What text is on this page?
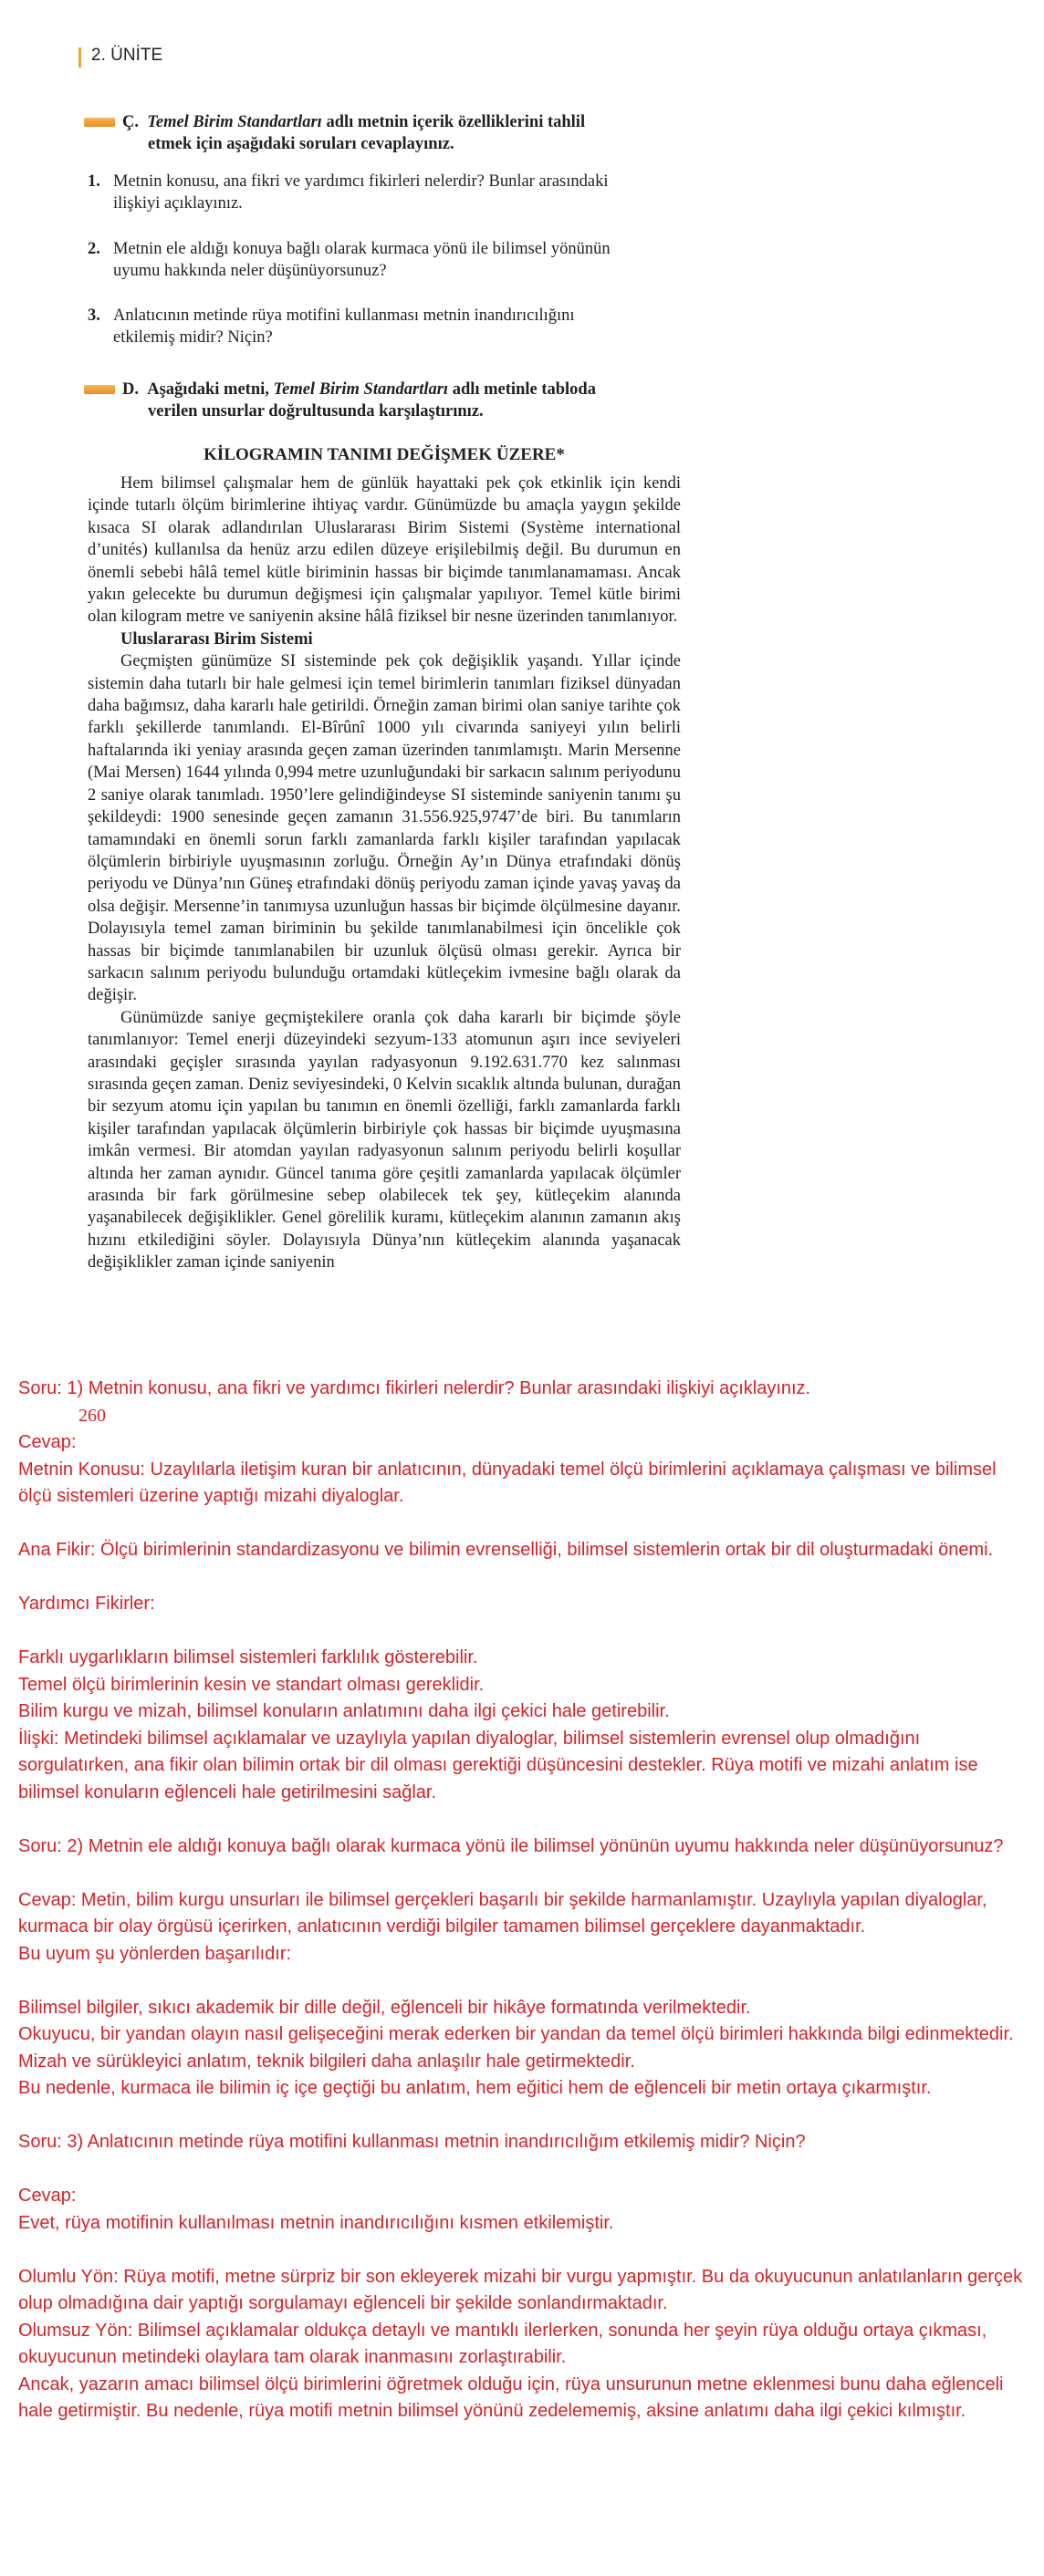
2. ÜNİTE
Ç. Temel Birim Standartları adlı metnin içerik özelliklerini tahlil
etmek için aşağıdaki soruları cevaplayınız.
1. Metnin konusu, ana fikri ve yardımcı fikirleri nelerdir? Bunlar arasındaki
ilişkiyi açıklayınız.
2. Metnin ele aldığı konuya bağlı olarak kurmaca yönü ile bilimsel yönünün
uyumu hakkında neler düşünüyorsunuz?
3. Anlatıcının metinde rüya motifini kullanması metnin inandırıcılığını
etkilemiş midir? Niçin?
D. Aşağıdaki metni, Temel Birim Standartları adlı metinle tabloda
verilen unsurlar doğrultusunda karşılaştırınız.
KİLOGRAMIN TANIMI DEĞİŞMEK ÜZERE*

Hem bilimsel çalışmalar hem de günlük hayattaki pek çok etkinlik için kendi içinde tutarlı ölçüm birimlerine ihtiyaç vardır. Günümüzde bu amaçla yaygın şekilde kısaca SI olarak adlandırılan Uluslararası Birim Sistemi (Système international d’unités) kullanılsa da henüz arzu edilen düzeye erişilebilmiş değil. Bu durumun en önemli sebebi hâlâ temel kütle biriminin hassas bir biçimde tanımlanamaması. Ancak yakın gelecekte bu durumun değişmesi için çalışmalar yapılıyor. Temel kütle birimi olan kilogram metre ve saniyenin aksine hâlâ fiziksel bir nesne üzerinden tanımlanıyor.

Uluslararası Birim Sistemi

Geçmişten günümüze SI sisteminde pek çok değişiklik yaşandı. Yıllar içinde sistemin daha tutarlı bir hale gelmesi için temel birimlerin tanımları fiziksel dünyadan daha bağımsız, daha kararlı hale getirildi. Örneğin zaman birimi olan saniye tarihte çok farklı şekillerde tanımlandı. El-Bîrûnî 1000 yılı civarında saniyeyi yılın belirli haftalarında iki yeniay arasında geçen zaman üzerinden tanımlamıştı. Marin Mersenne (Mai Mersen) 1644 yılında 0,994 metre uzunluğundaki bir sarkacın salınım periyodunu 2 saniye olarak tanımladı. 1950’lere gelindiğindeyse SI sisteminde saniyenin tanımı şu şekildeydi: 1900 senesinde geçen zamanın 31.556.925,9747’de biri. Bu tanımların tamamındaki en önemli sorun farklı zamanlarda farklı kişiler tarafından yapılacak ölçümlerin birbiriyle uyuşmasının zorluğu. Örneğin Ay’ın Dünya etrafındaki dönüş periyodu ve Dünya’nın Güneş etrafındaki dönüş periyodu zaman içinde yavaş yavaş da olsa değişir. Mersenne’in tanımıysa uzunluğun hassas bir biçimde ölçülmesine dayanır. Dolayısıyla temel zaman biriminin bu şekilde tanımlanabilmesi için öncelikle çok hassas bir biçimde tanımlanabilen bir uzunluk ölçüsü olması gerekir. Ayrıca bir sarkacın salınım periyodu bulunduğu ortamdaki kütleçekim ivmesine bağlı olarak da değişir.

Günümüzde saniye geçmiştekilere oranla çok daha kararlı bir biçimde şöyle tanımlanıyor: Temel enerji düzeyindeki sezyum-133 atomunun aşırı ince seviyeleri arasındaki geçişler sırasında yayılan radyasyonun 9.192.631.770 kez salınması sırasında geçen zaman. Deniz seviyesindeki, 0 Kelvin sıcaklık altında bulunan, durağan bir sezyum atomu için yapılan bu tanımın en önemli özelliği, farklı zamanlarda farklı kişiler tarafından yapılacak ölçümlerin birbiriyle çok hassas bir biçimde uyuşmasına imkân vermesi. Bir atomdan yayılan radyasyonun salınım periyodu belirli koşullar altında her zaman aynıdır. Güncel tanıma göre çeşitli zamanlarda yapılacak ölçümler arasında bir fark görülmesine sebep olabilecek tek şey, kütleçekim alanında yaşanabilecek değişiklikler. Genel görelilik kuramı, kütleçekim alanının zamanın akış hızını etkilediğini söyler. Dolayısıyla Dünya’nın kütleçekim alanında yaşanacak değişiklikler zaman içinde saniyenin

Soru: 1) Metnin konusu, ana fikri ve yardımcı fikirleri nelerdir? Bunlar arasındaki ilişkiyi açıklayınız.

260

Cevap:

Metnin Konusu: Uzaylılarla iletişim kuran bir anlatıcının, dünyadaki temel ölçü birimlerini açıklamaya çalışması ve bilimsel ölçü sistemleri üzerine yaptığı mizahi diyaloglar.

Ana Fikir: Ölçü birimlerinin standardizasyonu ve bilimin evrenselliği, bilimsel sistemlerin ortak bir dil oluşturmadaki önemi.

Yardımcı Fikirler:

Farklı uygarlıkların bilimsel sistemleri farklılık gösterebilir.

Temel ölçü birimlerinin kesin ve standart olması gereklidir.

Bilim kurgu ve mizah, bilimsel konuların anlatımını daha ilgi çekici hale getirebilir.

İlişki: Metindeki bilimsel açıklamalar ve uzaylıyla yapılan diyaloglar, bilimsel sistemlerin evrensel olup olmadığını sorgulatırken, ana fikir olan bilimin ortak bir dil olması gerektiği düşüncesini destekler. Rüya motifi ve mizahi anlatım ise bilimsel konuların eğlenceli hale getirilmesini sağlar.

Soru: 2) Metnin ele aldığı konuya bağlı olarak kurmaca yönü ile bilimsel yönünün uyumu hakkında neler düşünüyorsunuz?

Cevap: Metin, bilim kurgu unsurları ile bilimsel gerçekleri başarılı bir şekilde harmanlamıştır. Uzaylıyla yapılan diyaloglar, kurmaca bir olay örgüsü içerirken, anlatıcının verdiği bilgiler tamamen bilimsel gerçeklere dayanmaktadır.

Bu uyum şu yönlerden başarılıdır:

Bilimsel bilgiler, sıkıcı akademik bir dille değil, eğlenceli bir hikâye formatında verilmektedir.

Okuyucu, bir yandan olayın nasıl gelişeceğini merak ederken bir yandan da temel ölçü birimleri hakkında bilgi edinmektedir.

Mizah ve sürükleyici anlatım, teknik bilgileri daha anlaşılır hale getirmektedir.

Bu nedenle, kurmaca ile bilimin iç içe geçtiği bu anlatım, hem eğitici hem de eğlenceli bir metin ortaya çıkarmıştır.

Soru: 3) Anlatıcının metinde rüya motifini kullanması metnin inandırıcılığım etkilemiş midir? Niçin?

Cevap:

Evet, rüya motifinin kullanılması metnin inandırıcılığını kısmen etkilemiştir.

Olumlu Yön: Rüya motifi, metne sürpriz bir son ekleyerek mizahi bir vurgu yapmıştır. Bu da okuyucunun anlatılanların gerçek olup olmadığına dair yaptığı sorgulamayı eğlenceli bir şekilde sonlandırmaktadır.

Olumsuz Yön: Bilimsel açıklamalar oldukça detaylı ve mantıklı ilerlerken, sonunda her şeyin rüya olduğu ortaya çıkması, okuyucunun metindeki olaylara tam olarak inanmasını zorlaştırabilir.

Ancak, yazarın amacı bilimsel ölçü birimlerini öğretmek olduğu için, rüya unsurunun metne eklenmesi bunu daha eğlenceli hale getirmiştir. Bu nedenle, rüya motifi metnin bilimsel yönünü zedelememiş, aksine anlatımı daha ilgi çekici kılmıştır.
